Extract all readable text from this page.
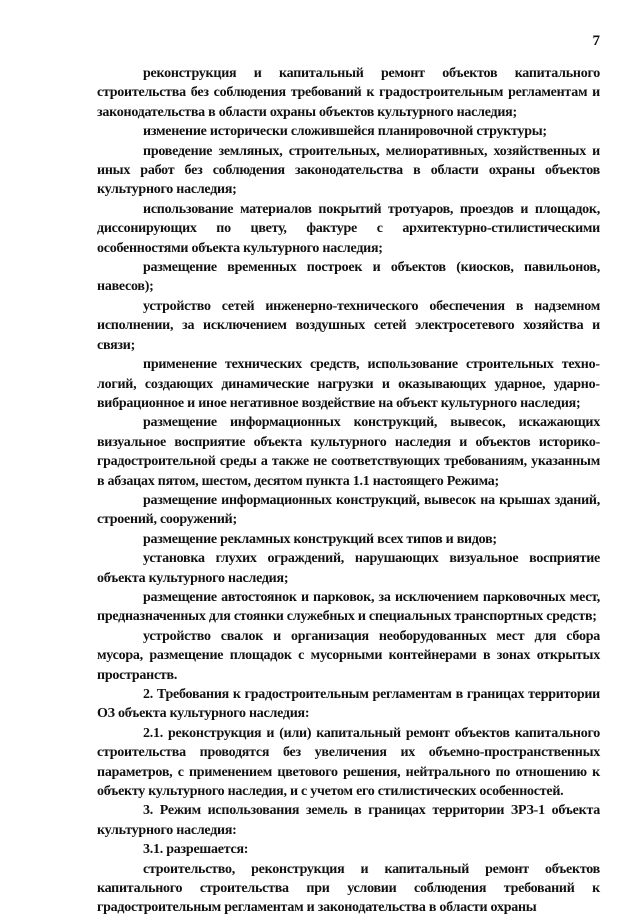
7

реконструкция и капитальный ремонт объектов капитального строительства без соблюдения требований к градостроительным регламентам и законодательства в области охраны объектов культурного наследия;

изменение исторически сложившейся планировочной структуры;

проведение земляных, строительных, мелиоративных, хозяйственных и иных работ без соблюдения законодательства в области охраны объектов культурного наследия;

использование материалов покрытий тротуаров, проездов и площадок, диссонирующих по цвету, фактуре с архитектурно-стилистическими особенностями объекта культурного наследия;

размещение временных построек и объектов (киосков, павильонов, навесов);

устройство сетей инженерно-технического обеспечения в надземном исполнении, за исключением воздушных сетей электросетевого хозяйства и связи;

применение технических средств, использование строительных технологий, создающих динамические нагрузки и оказывающих ударное, ударновибрационное и иное негативное воздействие на объект культурного наследия;

размещение информационных конструкций, вывесок, искажающих визуальное восприятие объекта культурного наследия и объектов историко-градостроительной среды а также не соответствующих требованиям, указанным в абзацах пятом, шестом, десятом пункта 1.1 настоящего Режима;

размещение информационных конструкций, вывесок на крышах зданий, строений, сооружений;

размещение рекламных конструкций всех типов и видов;

установка глухих ограждений, нарушающих визуальное восприятие объекта культурного наследия;

размещение автостоянок и парковок, за исключением парковочных мест, предназначенных для стоянки служебных и специальных транспортных средств;

устройство свалок и организация необорудованных мест для сбора мусора, размещение площадок с мусорными контейнерами в зонах открытых пространств.

2. Требования к градостроительным регламентам в границах территории ОЗ объекта культурного наследия:

2.1. реконструкция и (или) капитальный ремонт объектов капитального строительства проводятся без увеличения их объемно-пространственных параметров, с применением цветового решения, нейтрального по отношению к объекту культурного наследия, и с учетом его стилистических особенностей.

3. Режим использования земель в границах территории ЗРЗ-1 объекта культурного наследия:

3.1. разрешается:

строительство, реконструкция и капитальный ремонт объектов капитального строительства при условии соблюдения требований к градостроительным регламентам и законодательства в области охраны
